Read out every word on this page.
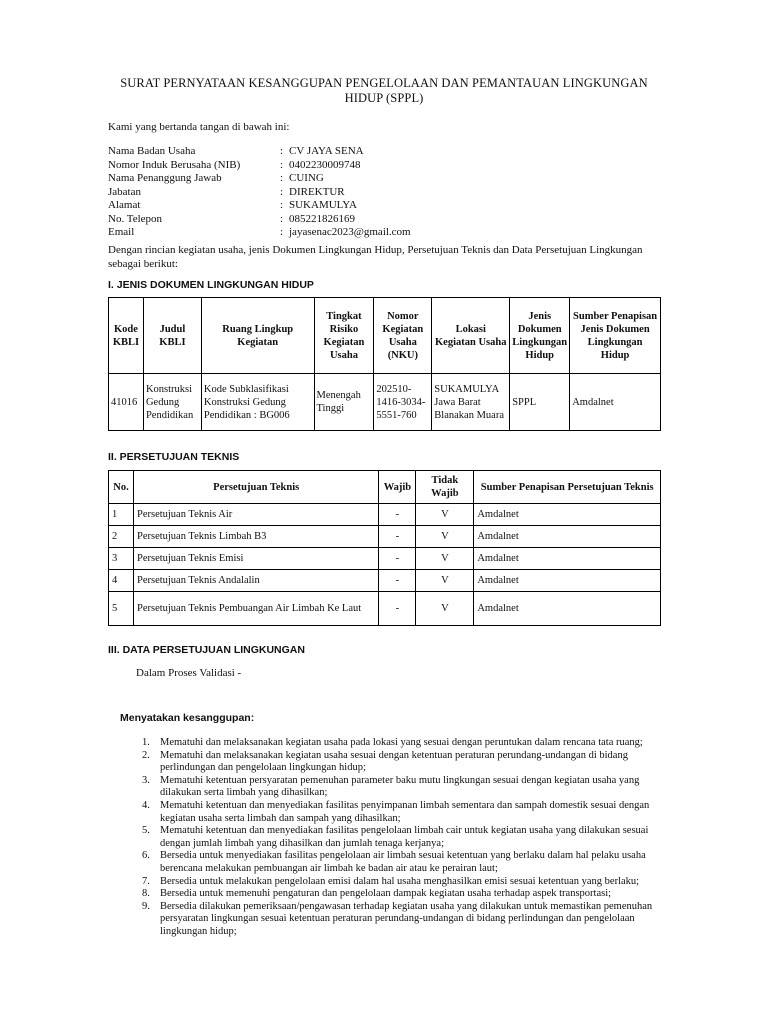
SURAT PERNYATAAN KESANGGUPAN PENGELOLAAN DAN PEMANTAUAN LINGKUNGAN
HIDUP (SPPL)
Kami yang bertanda tangan di bawah ini:
Nama Badan Usaha	:	CV JAYA SENA
Nomor Induk Berusaha (NIB)	:	0402230009748
Nama Penanggung Jawab	:	CUING
Jabatan	:	DIREKTUR
Alamat	:	SUKAMULYA
No. Telepon	:	085221826169
Email	:	jayasenac2023@gmail.com
Dengan rincian kegiatan usaha, jenis Dokumen Lingkungan Hidup, Persetujuan Teknis dan Data Persetujuan Lingkungan sebagai berikut:
I. JENIS DOKUMEN LINGKUNGAN HIDUP
Kode KBLI	Judul KBLI	Ruang Lingkup Kegiatan	Tingkat Risiko Kegiatan Usaha	Nomor Kegiatan Usaha (NKU)	Lokasi Kegiatan Usaha	Jenis Dokumen Lingkungan Hidup	Sumber Penapisan Jenis Dokumen Lingkungan Hidup
41016	Konstruksi Gedung Pendidikan	Kode Subklasifikasi Konstruksi Gedung Pendidikan : BG006	Menengah Tinggi	202510-1416-3034-5551-760	SUKAMULYA Jawa Barat Blanakan Muara	SPPL	Amdalnet
II. PERSETUJUAN TEKNIS
No.	Persetujuan Teknis	Wajib	Tidak Wajib	Sumber Penapisan Persetujuan Teknis
1	Persetujuan Teknis Air	-	V	Amdalnet
2	Persetujuan Teknis Limbah B3	-	V	Amdalnet
3	Persetujuan Teknis Emisi	-	V	Amdalnet
4	Persetujuan Teknis Andalalin	-	V	Amdalnet
5	Persetujuan Teknis Pembuangan Air Limbah Ke Laut	-	V	Amdalnet
III. DATA PERSETUJUAN LINGKUNGAN
Dalam Proses Validasi -
Menyatakan kesanggupan:
1. Mematuhi dan melaksanakan kegiatan usaha pada lokasi yang sesuai dengan peruntukan dalam rencana tata ruang;
2. Mematuhi dan melaksanakan kegiatan usaha sesuai dengan ketentuan peraturan perundang-undangan di bidang perlindungan dan pengelolaan lingkungan hidup;
3. Mematuhi ketentuan persyaratan pemenuhan parameter baku mutu lingkungan sesuai dengan kegiatan usaha yang dilakukan serta limbah yang dihasilkan;
4. Mematuhi ketentuan dan menyediakan fasilitas penyimpanan limbah sementara dan sampah domestik sesuai dengan kegiatan usaha serta limbah dan sampah yang dihasilkan;
5. Mematuhi ketentuan dan menyediakan fasilitas pengelolaan limbah cair untuk kegiatan usaha yang dilakukan sesuai dengan jumlah limbah yang dihasilkan dan jumlah tenaga kerjanya;
6. Bersedia untuk menyediakan fasilitas pengelolaan air limbah sesuai ketentuan yang berlaku dalam hal pelaku usaha berencana melakukan pembuangan air limbah ke badan air atau ke perairan laut;
7. Bersedia untuk melakukan pengelolaan emisi dalam hal usaha menghasilkan emisi sesuai ketentuan yang berlaku;
8. Bersedia untuk memenuhi pengaturan dan pengelolaan dampak kegiatan usaha terhadap aspek transportasi;
9. Bersedia dilakukan pemeriksaan/pengawasan terhadap kegiatan usaha yang dilakukan untuk memastikan pemenuhan persyaratan lingkungan sesuai ketentuan peraturan perundang-undangan di bidang perlindungan dan pengelolaan lingkungan hidup;
